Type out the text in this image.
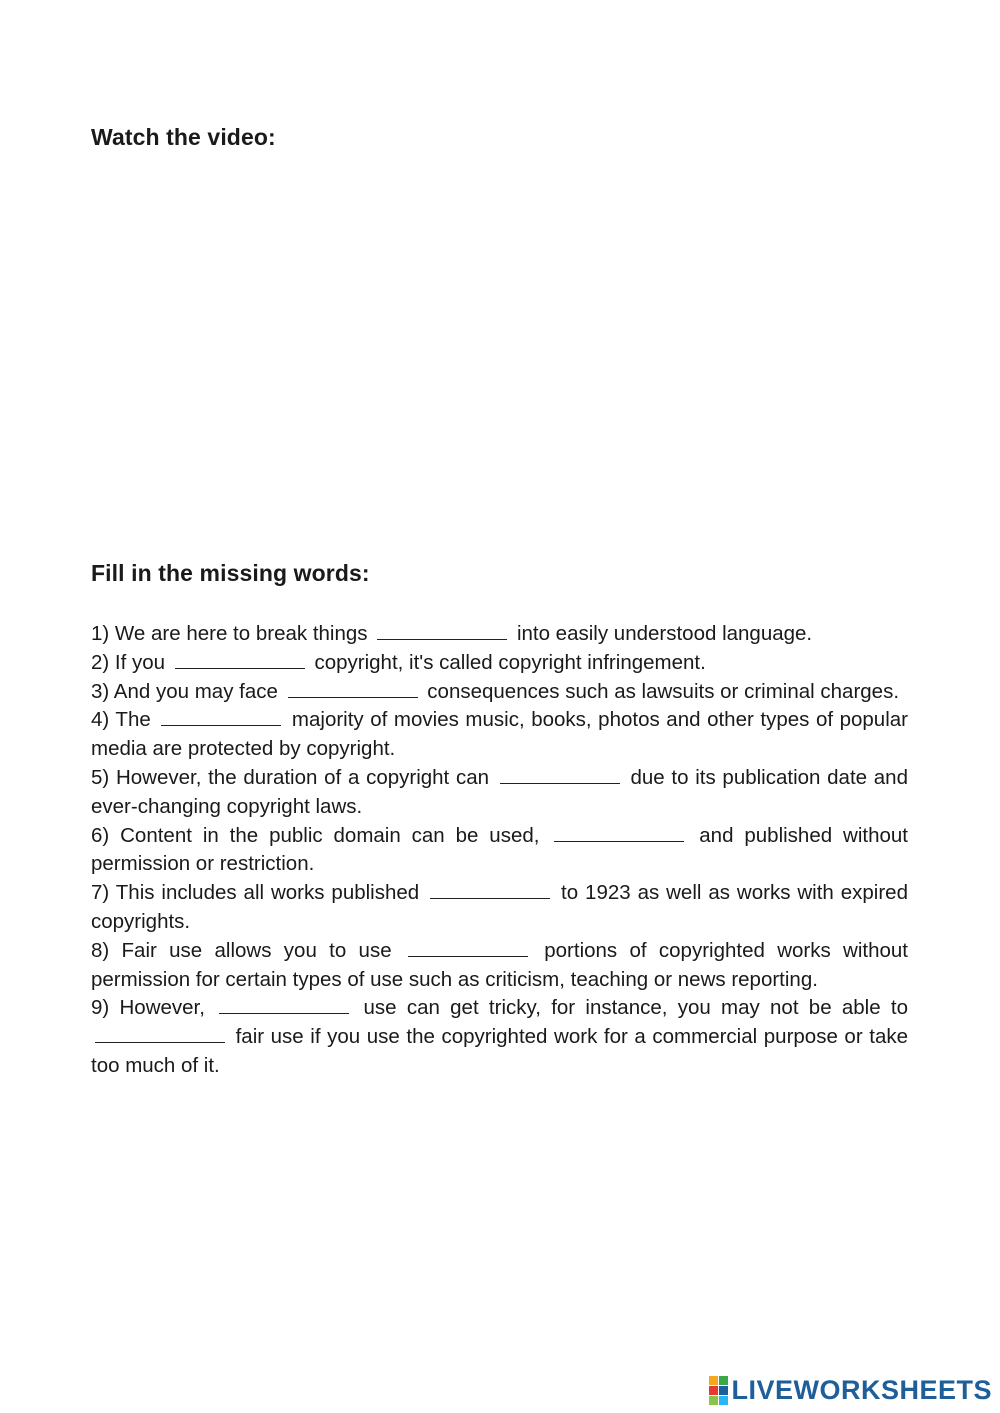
Watch the video:
Fill in the missing words:
1) We are here to break things	into easily understood language.
2) If you	copyright, it's called copyright infringement.
3) And you may face	consequences such as lawsuits or criminal charges.
4) The	majority of movies music, books, photos and other types of popular media are protected by copyright.
5) However, the duration of a copyright can	due to its publication date and ever-changing copyright laws.
6) Content in the public domain can be used,	and published without permission or restriction.
7) This includes all works published	to 1923 as well as works with expired copyrights.
8) Fair use allows you to use	portions of copyrighted works without permission for certain types of use such as criticism, teaching or news reporting.
9) However,	use can get tricky, for instance, you may not be able to  fair use if you use the copyrighted work for a commercial purpose or take too much of it.
LIVEWORKSHEETS
